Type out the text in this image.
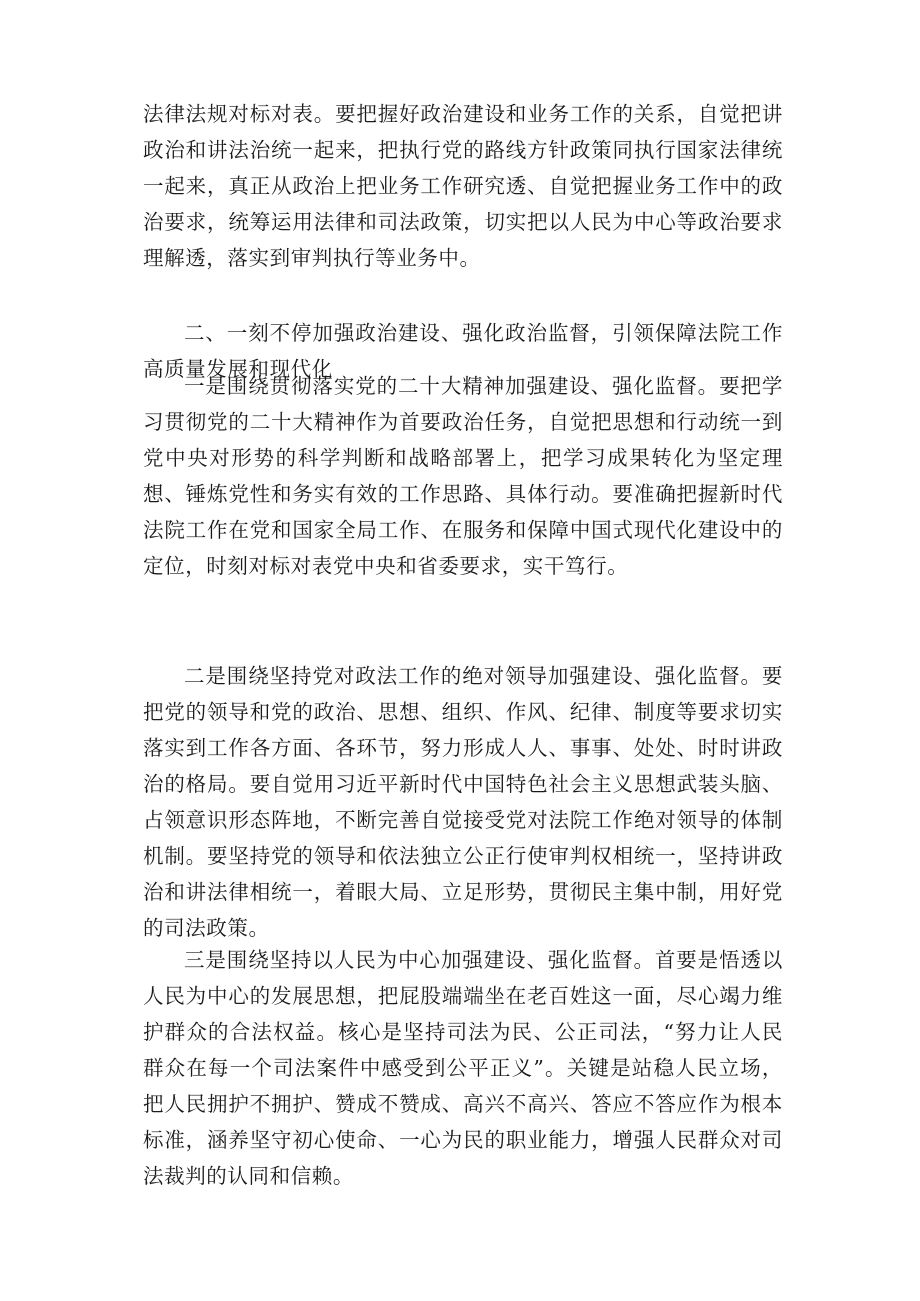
法律法规对标对表。要把握好政治建设和业务工作的关系，自觉把讲政治和讲法治统一起来，把执行党的路线方针政策同执行国家法律统一起来，真正从政治上把业务工作研究透、自觉把握业务工作中的政治要求，统筹运用法律和司法政策，切实把以人民为中心等政治要求理解透，落实到审判执行等业务中。

二、一刻不停加强政治建设、强化政治监督，引领保障法院工作高质量发展和现代化

一是围绕贯彻落实党的二十大精神加强建设、强化监督。要把学习贯彻党的二十大精神作为首要政治任务，自觉把思想和行动统一到党中央对形势的科学判断和战略部署上，把学习成果转化为坚定理想、锤炼党性和务实有效的工作思路、具体行动。要准确把握新时代法院工作在党和国家全局工作、在服务和保障中国式现代化建设中的定位，时刻对标对表党中央和省委要求，实干笃行。

二是围绕坚持党对政法工作的绝对领导加强建设、强化监督。要把党的领导和党的政治、思想、组织、作风、纪律、制度等要求切实落实到工作各方面、各环节，努力形成人人、事事、处处、时时讲政治的格局。要自觉用习近平新时代中国特色社会主义思想武装头脑、占领意识形态阵地，不断完善自觉接受党对法院工作绝对领导的体制机制。要坚持党的领导和依法独立公正行使审判权相统一，坚持讲政治和讲法律相统一，着眼大局、立足形势，贯彻民主集中制，用好党的司法政策。

三是围绕坚持以人民为中心加强建设、强化监督。首要是悟透以人民为中心的发展思想，把屁股端端坐在老百姓这一面，尽心竭力维护群众的合法权益。核心是坚持司法为民、公正司法，“努力让人民群众在每一个司法案件中感受到公平正义”。关键是站稳人民立场，把人民拥护不拥护、赞成不赞成、高兴不高兴、答应不答应作为根本标准，涵养坚守初心使命、一心为民的职业能力，增强人民群众对司法裁判的认同和信赖。
